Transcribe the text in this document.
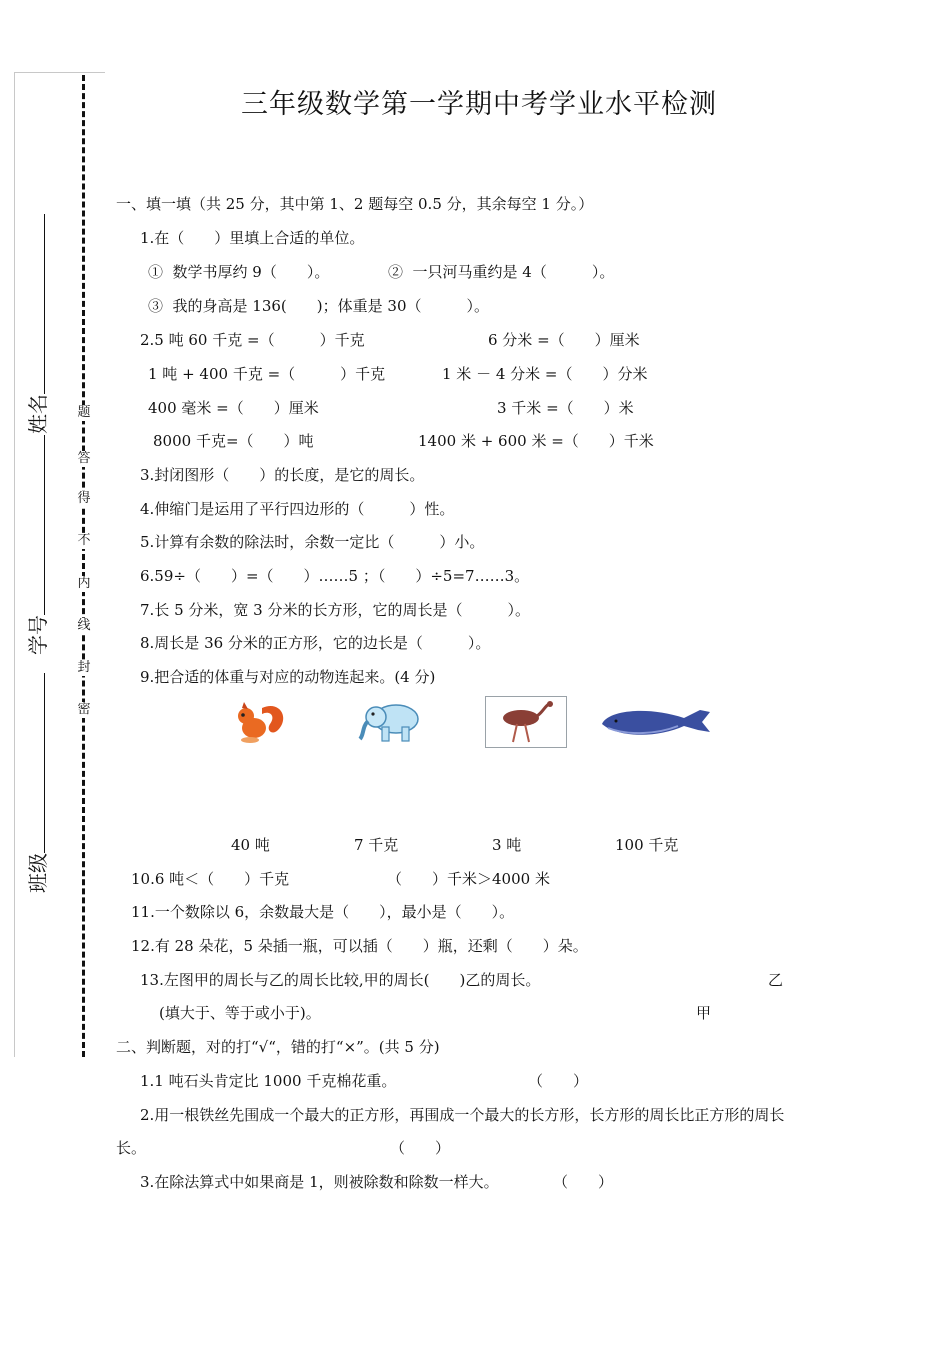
题
答
得
不
内
线
封
密
姓名
学号
班级
三年级数学第一学期中考学业水平检测
一、填一填（共 25 分，其中第 1、2 题每空 0.5 分，其余每空 1 分。）
1.在（　　）里填上合适的单位。
①  数学书厚约 9（　　）。	②  一只河马重约是 4（　　　）。
③  我的身高是 136(　　)；体重是 30（　　　）。
2.5 吨 60 千克 =（　　　）千克	6 分米 =（　　）厘米
1 吨 + 400 千克 =（　　　）千克	1 米 － 4 分米 =（　　）分米
400 毫米 =（　　）厘米	3 千米 =（　　）米
8000 千克=（　　）吨	1400 米 + 600 米 =（　　）千米
3.封闭图形（　　）的长度，是它的周长。
4.伸缩门是运用了平行四边形的（　　　）性。
5.计算有余数的除法时，余数一定比（　　　）小。
6.59÷（　　）=（　　）……5 ；（　　）÷5=7……3。
7.长 5 分米，宽 3 分米的长方形，它的周长是（　　　）。
8.周长是 36 分米的正方形，它的边长是（　　　）。
9.把合适的体重与对应的动物连起来。(4 分)
40 吨	7 千克	3 吨	100 千克
10.6 吨＜（　　）千克	（　　）千米＞4000 米
11.一个数除以 6，余数最大是（　　），最小是（　　）。
12.有 28 朵花，5 朵插一瓶，可以插（　　）瓶，还剩（　　）朵。
13.左图甲的周长与乙的周长比较,甲的周长(　　)乙的周长。	乙
(填大于、等于或小于)。	甲
二、判断题，对的打“√“，错的打“×”。(共 5 分)
1.1 吨石头肯定比 1000 千克棉花重。	（　　）
2.用一根铁丝先围成一个最大的正方形，再围成一个最大的长方形，长方形的周长比正方形的周长
长。	（　　）
3.在除法算式中如果商是 1，则被除数和除数一样大。	（　　）
